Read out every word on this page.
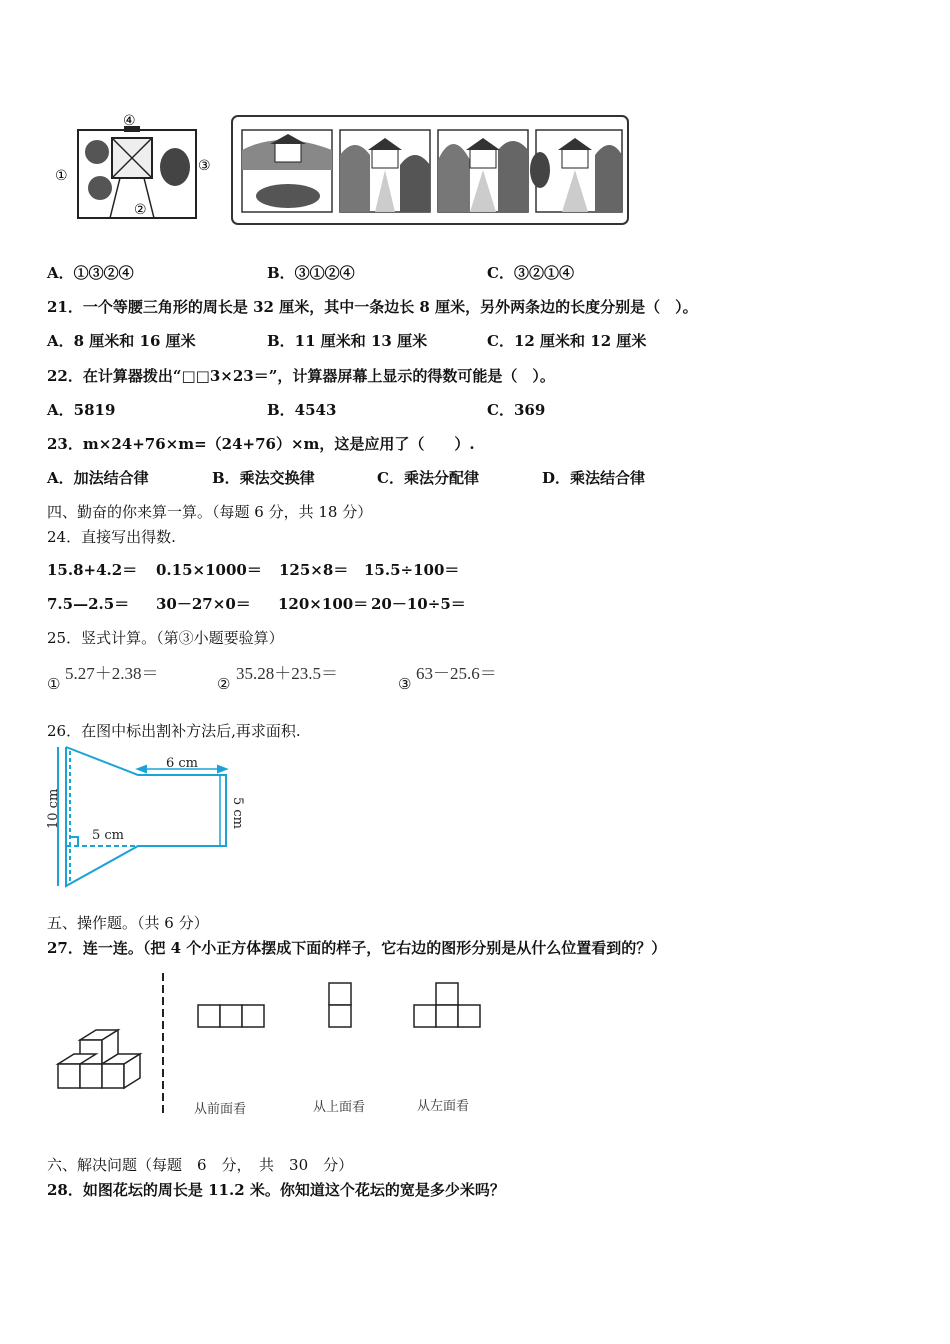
④
①
③
②
A．①③②④	B．③①②④	C．③②①④
21．一个等腰三角形的周长是 32 厘米，其中一条边长 8 厘米，另外两条边的长度分别是（　）。
A．8 厘米和 16 厘米	B．11 厘米和 13 厘米	C．12 厘米和 12 厘米
22．在计算器拨出“□□3×23＝”，计算器屏幕上显示的得数可能是（　）。
A．5819	B．4543	C．369
23．m×24+76×m=（24+76）×m，这是应用了（　　）.
A．加法结合律	B．乘法交换律	C．乘法分配律	D．乘法结合律
四、勤奋的你来算一算。（每题 6 分，共 18 分）
24．直接写出得数.
15.8+4.2＝ 0.15×1000＝ 125×8＝ 15.5÷100＝
7.5—2.5＝ 30－27×0＝ 120×100＝ 20－10÷5＝
25．竖式计算。（第③小题要验算）
①
5.27＋2.38＝
②
35.28＋23.5＝
③
63－25.6＝
26．在图中标出割补方法后,再求面积.
6 cm
5 cm
10 cm
5 cm
五、操作题。（共 6 分）
27．连一连。（把 4 个小正方体摆成下面的样子，它右边的图形分别是从什么位置看到的？）
从前面看	从上面看	从左面看
六、解决问题（每题　6　分，　共　30　分）
28．如图花坛的周长是 11.2 米。你知道这个花坛的宽是多少米吗？
